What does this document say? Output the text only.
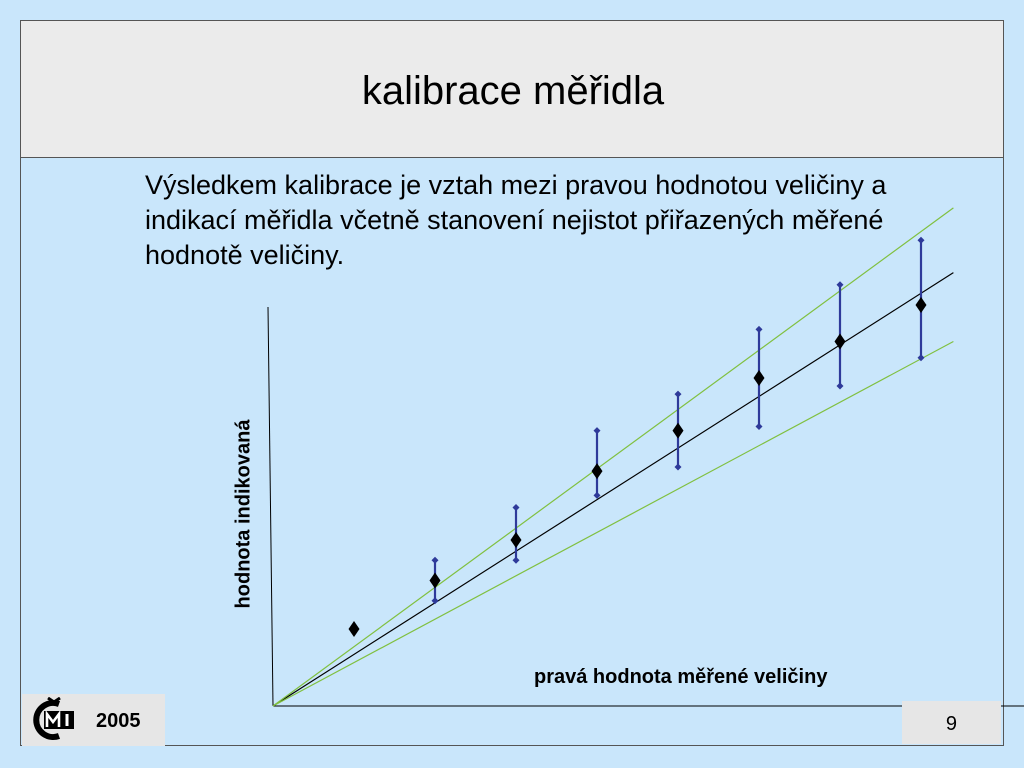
kalibrace měřidla
Výsledkem kalibrace je vztah mezi pravou hodnotou veličiny a indikací měřidla včetně stanovení nejistot přiřazených měřené hodnotě veličiny.
hodnota indikovaná
pravá hodnota měřené veličiny
2005	9
